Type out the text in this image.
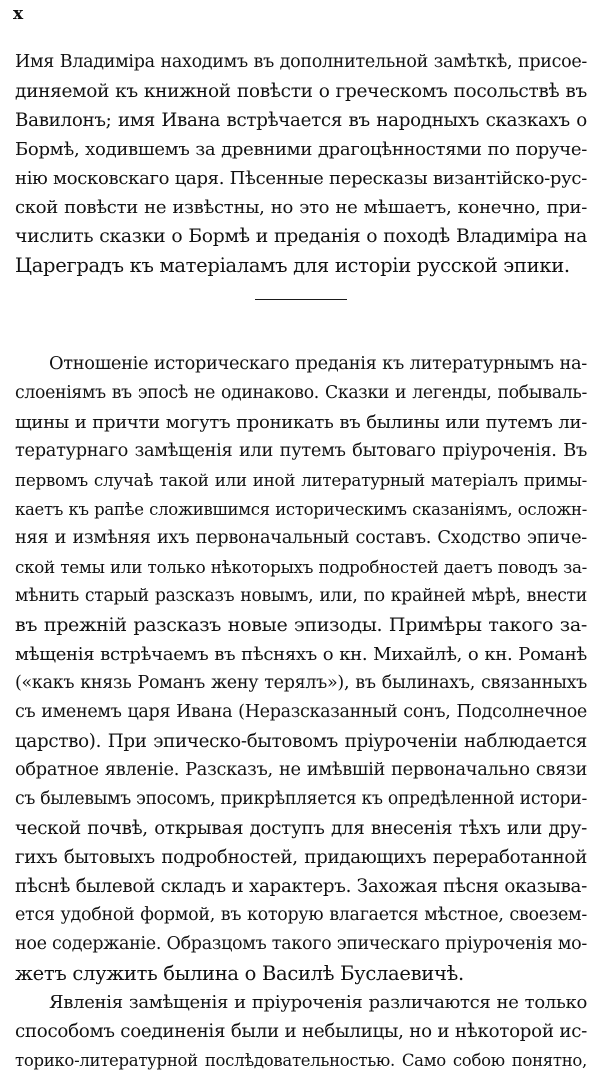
x

Имя Владиміра находимъ въ дополнительной замѣткѣ, присое-
диняемой къ книжной повѣсти о греческомъ посольствѣ въ
Вавилонъ; имя Ивана встрѣчается въ народныхъ сказкахъ о
Бормѣ, ходившемъ за древними драгоцѣнностями по поруче-
нію московскаго царя. Пѣсенные пересказы византійско-рус-
ской повѣсти не извѣстны, но это не мѣшаетъ, конечно, при-
числить сказки о Бормѣ и преданія о походѣ Владиміра на
Цареградъ къ матеріаламъ для исторіи русской эпики.
Отношеніе историческаго преданія къ литературнымъ на-
слоеніямъ въ эпосѣ не одинаково. Сказки и легенды, побываль-
щины и причти могутъ проникать въ былины или путемъ ли-
тературнаго замѣщенія или путемъ бытоваго пріуроченія. Въ
первомъ случаѣ такой или иной литературный матеріалъ примы-
каетъ къ рапѣе сложившимся историческимъ сказаніямъ, осложн-
няя и измѣняя ихъ первоначальный составъ. Сходство эпиче-
ской темы или только нѣкоторыхъ подробностей даетъ поводъ за-
мѣнить старый разсказъ новымъ, или, по крайней мѣрѣ, внести
въ прежній разсказъ новые эпизоды. Примѣры такого за-
мѣщенія встрѣчаемъ въ пѣсняхъ о кн. Михайлѣ, о кн. Романѣ
(«какъ князь Романъ жену терялъ»), въ былинахъ, связанныхъ
съ именемъ царя Ивана (Неразсказанный сонъ, Подсолнечное
царство). При эпическо-бытовомъ пріуроченіи наблюдается
обратное явленіе. Разсказъ, не имѣвшій первоначально связи
съ былевымъ эпосомъ, прикрѣпляется къ опредѣленной истори-
ческой почвѣ, открывая доступъ для внесенія тѣхъ или дру-
гихъ бытовыхъ подробностей, придающихъ переработанной
пѣснѣ былевой складъ и характеръ. Захожая пѣсня оказыва-
ется удобной формой, въ которую влагается мѣстное, своезем-
ное содержаніе. Образцомъ такого эпическаго пріуроченія мо-
жетъ служить былина о Василѣ Буслаевичѣ.
Явленія замѣщенія и пріуроченія различаются не только
способомъ соединенія были и небылицы, но и нѣкоторой ис-
торико-литературной послѣдовательностью. Само собою понятно,
